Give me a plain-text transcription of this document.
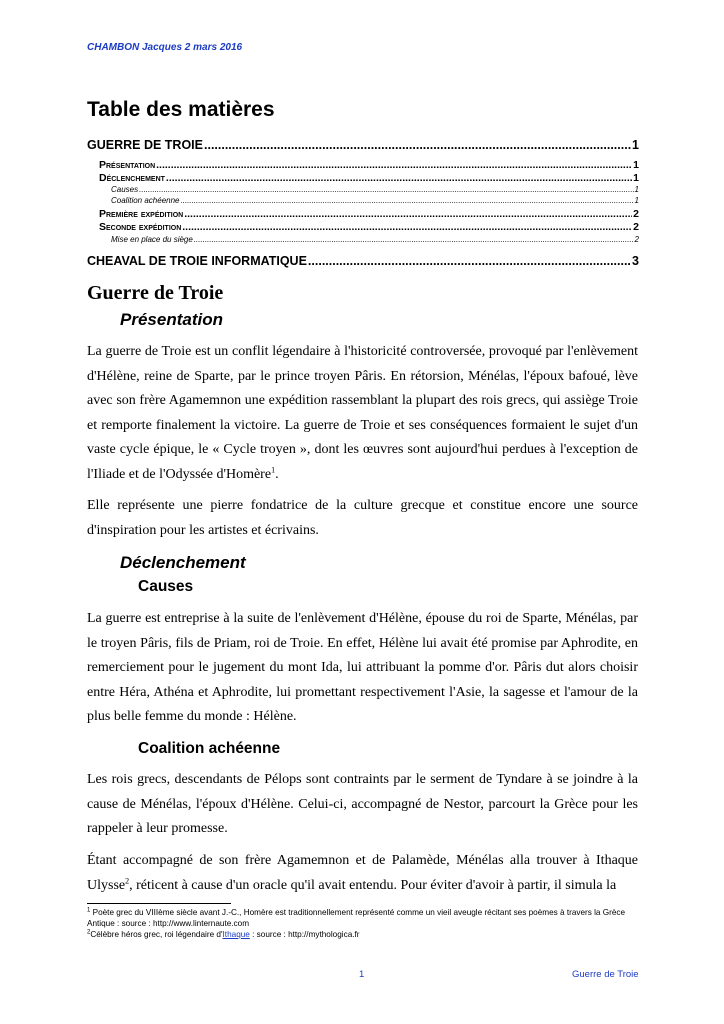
CHAMBON Jacques 2 mars 2016
Table des matières
GUERRE DE TROIE .....	1
Présentation .....	1
Déclenchement .....	1
Causes .....	1
Coalition achéenne .....	1
Première expédition .....	2
Seconde expédition .....	2
Mise en place du siège .....	2
CHEAVAL DE TROIE INFORMATIQUE .....	3
Guerre de Troie
Présentation
La guerre de Troie est un conflit légendaire à l'historicité controversée, provoqué par l'enlèvement d'Hélène, reine de Sparte, par le prince troyen Pâris. En rétorsion, Ménélas, l'époux bafoué, lève avec son frère Agamemnon une expédition rassemblant la plupart des rois grecs, qui assiège Troie et remporte finalement la victoire. La guerre de Troie et ses conséquences formaient le sujet d'un vaste cycle épique, le « Cycle troyen », dont les œuvres sont aujourd'hui perdues à l'exception de l'Iliade et de l'Odyssée d'Homère$^1$.
Elle représente une pierre fondatrice de la culture grecque et constitue encore une source d'inspiration pour les artistes et écrivains.
Déclenchement
Causes
La guerre est entreprise à la suite de l'enlèvement d'Hélène, épouse du roi de Sparte, Ménélas, par le troyen Pâris, fils de Priam, roi de Troie. En effet, Hélène lui avait été promise par Aphrodite, en remerciement pour le jugement du mont Ida, lui attribuant la pomme d'or. Pâris dut alors choisir entre Héra, Athéna et Aphrodite, lui promettant respectivement l'Asie, la sagesse et l'amour de la plus belle femme du monde : Hélène.
Coalition achéenne
Les rois grecs, descendants de Pélops sont contraints par le serment de Tyndare à se joindre à la cause de Ménélas, l'époux d'Hélène. Celui-ci, accompagné de Nestor, parcourt la Grèce pour les rappeler à leur promesse.
Étant accompagné de son frère Agamemnon et de Palamède, Ménélas alla trouver à Ithaque Ulysse$^2$, réticent à cause d'un oracle qu'il avait entendu. Pour éviter d'avoir à partir, il simula la
$^1$ Poète grec du VIIIème siècle avant J.-C., Homère est traditionnellement représenté comme un vieil aveugle récitant ses poèmes à travers la Grèce Antique : source : http://www.linternaute.com
$^2$Célèbre héros grec, roi légendaire d'Ithaque : source : http://mythologica.fr
1	Guerre de Troie
